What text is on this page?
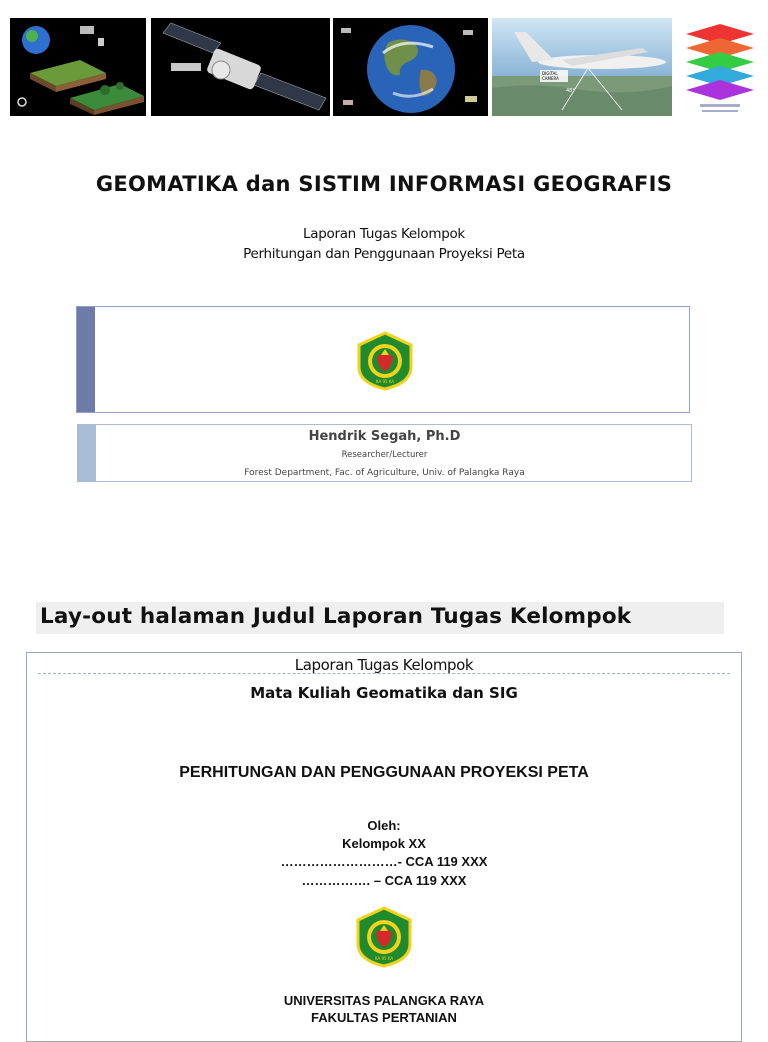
DIGITAL
CAMERA
48°
GEOMATIKA dan SISTIM INFORMASI GEOGRAFIS
Laporan Tugas Kelompok
Perhitungan dan Penggunaan Proyeksi Peta
KA 95 KA
Hendrik Segah, Ph.D
Researcher/Lecturer
Forest Department, Fac. of Agriculture, Univ. of Palangka Raya
Lay-out halaman Judul Laporan Tugas Kelompok
Laporan Tugas Kelompok
Mata Kuliah Geomatika dan SIG
PERHITUNGAN DAN PENGGUNAAN PROYEKSI PETA
Oleh:
Kelompok XX
………………………- CCA 119 XXX
……………. – CCA 119 XXX
KA 95 KA
UNIVERSITAS PALANGKA RAYA
FAKULTAS PERTANIAN
